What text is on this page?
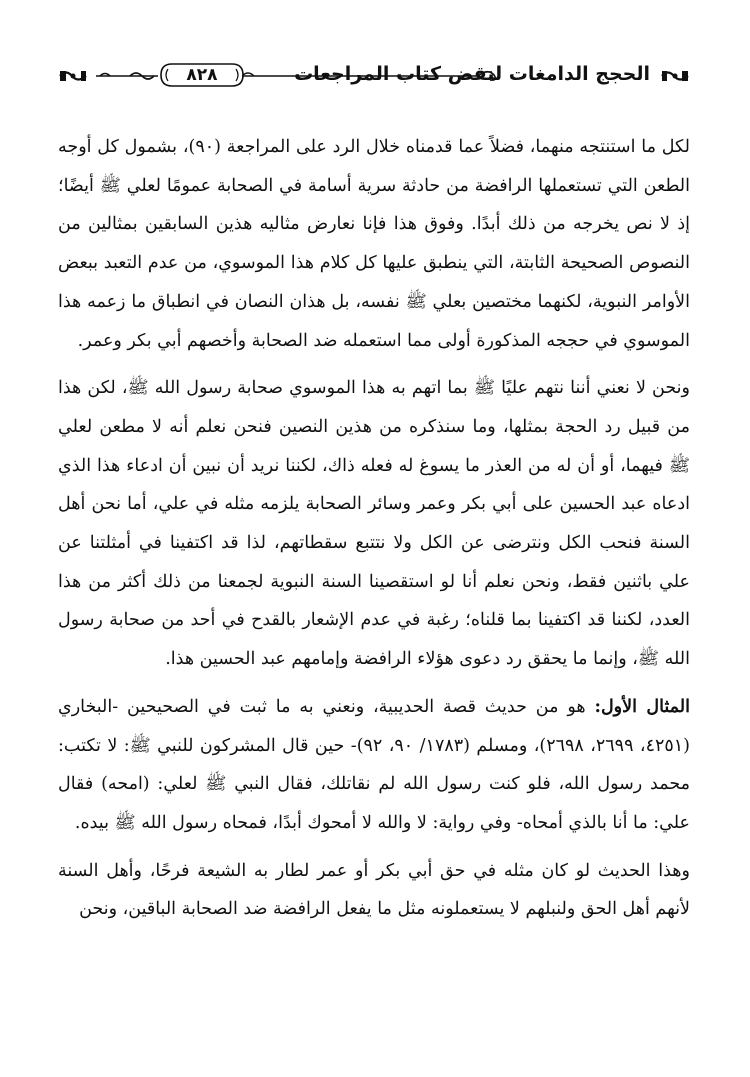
الحجج الدامغات لنقض كتاب المراجعات
٨٢٨

لكل ما استنتجه منهما، فضلاً عما قدمناه خلال الرد على المراجعة (٩٠)، بشمول كل أوجه الطعن التي تستعملها الرافضة من حادثة سرية أسامة في الصحابة عمومًا لعلي ﷺ أيضًا؛ إذ لا نص يخرجه من ذلك أبدًا. وفوق هذا فإنا نعارض مثاليه هذين السابقين بمثالين من النصوص الصحيحة الثابتة، التي ينطبق عليها كل كلام هذا الموسوي، من عدم التعبد ببعض الأوامر النبوية، لكنهما مختصين بعلي ﷺ نفسه، بل هذان النصان في انطباق ما زعمه هذا الموسوي في حججه المذكورة أولى مما استعمله ضد الصحابة وأخصهم أبي بكر وعمر.

ونحن لا نعني أننا نتهم عليًا ﷺ بما اتهم به هذا الموسوي صحابة رسول الله ﷺ، لكن هذا من قبيل رد الحجة بمثلها، وما سنذكره من هذين النصين فنحن نعلم أنه لا مطعن لعلي ﷺ فيهما، أو أن له من العذر ما يسوغ له فعله ذاك، لكننا نريد أن نبين أن ادعاء هذا الذي ادعاه عبد الحسين على أبي بكر وعمر وسائر الصحابة يلزمه مثله في علي، أما نحن أهل السنة فنحب الكل ونترضى عن الكل ولا نتتبع سقطاتهم، لذا قد اكتفينا في أمثلتنا عن علي باثنين فقط، ونحن نعلم أنا لو استقصينا السنة النبوية لجمعنا من ذلك أكثر من هذا العدد، لكننا قد اكتفينا بما قلناه؛ رغبة في عدم الإشعار بالقدح في أحد من صحابة رسول الله ﷺ، وإنما ما يحقق رد دعوى هؤلاء الرافضة وإمامهم عبد الحسين هذا.

المثال الأول: هو من حديث قصة الحديبية، ونعني به ما ثبت في الصحيحين -البخاري (٤٢٥١، ٢٦٩٩، ٢٦٩٨)، ومسلم (١٧٨٣/ ٩٠، ٩٢)- حين قال المشركون للنبي ﷺ: لا تكتب: محمد رسول الله، فلو كنت رسول الله لم نقاتلك، فقال النبي ﷺ لعلي: (امحه) فقال علي: ما أنا بالذي أمحاه- وفي رواية: لا والله لا أمحوك أبدًا، فمحاه رسول الله ﷺ بيده.

وهذا الحديث لو كان مثله في حق أبي بكر أو عمر لطار به الشيعة فرحًا، وأهل السنة لأنهم أهل الحق ولنبلهم لا يستعملونه مثل ما يفعل الرافضة ضد الصحابة الباقين، ونحن
